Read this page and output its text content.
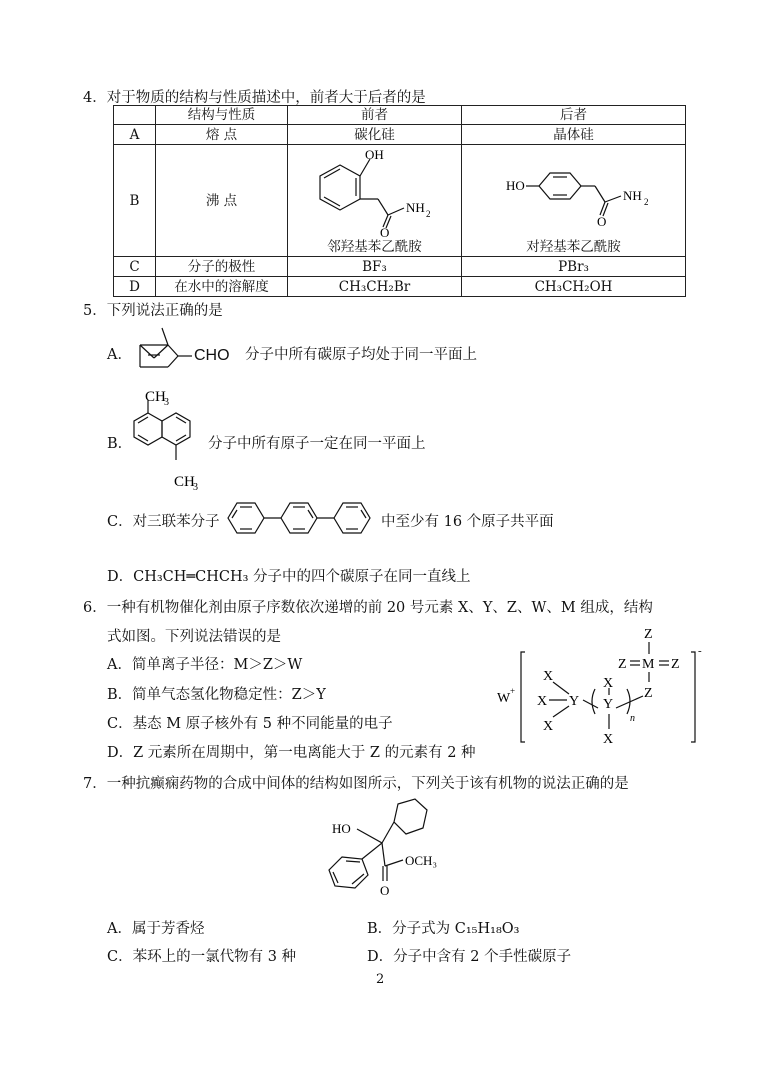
4．对于物质的结构与性质描述中，前者大于后者的是
	结构与性质	前者	后者
A	熔 点	碳化硅	晶体硅
B	沸 点	邻羟基苯乙酰胺	对羟基苯乙酰胺

C	分子的极性	BF₃	PBr₃
D	在水中的溶解度	CH₃CH₂Br	CH₃CH₂OH
OH
NH 2
O
HO
NH 2
O
5．下列说法正确的是
A．	CHO 分子中所有碳原子均处于同一平面上
B．
CH
3
CH
3
分子中所有原子一定在同一平面上
C．对三联苯分子	中至少有 16 个原子共平面
D．CH₃CH═CHCH₃ 分子中的四个碳原子在同一直线上
6．一种有机物催化剂由原子序数依次递增的前 20 号元素 X、Y、Z、W、M 组成，结构
式如图。下列说法错误的是
A．简单离子半径：M＞Z＞W
B．简单气态氢化物稳定性：Z＞Y
C．基态 M 原子核外有 5 种不同能量的电子
D．Z 元素所在周期中，第一电离能大于 Z 的元素有 2 种
W +
X
X
X
Y
X
Y
X
n
Z
Z M Z
Z
-
7．一种抗癫痫药物的合成中间体的结构如图所示，下列关于该有机物的说法正确的是
HO
O
OCH₃
A．属于芳香烃	B．分子式为 C₁₅H₁₈O₃
C．苯环上的一氯代物有 3 种	D．分子中含有 2 个手性碳原子
2
